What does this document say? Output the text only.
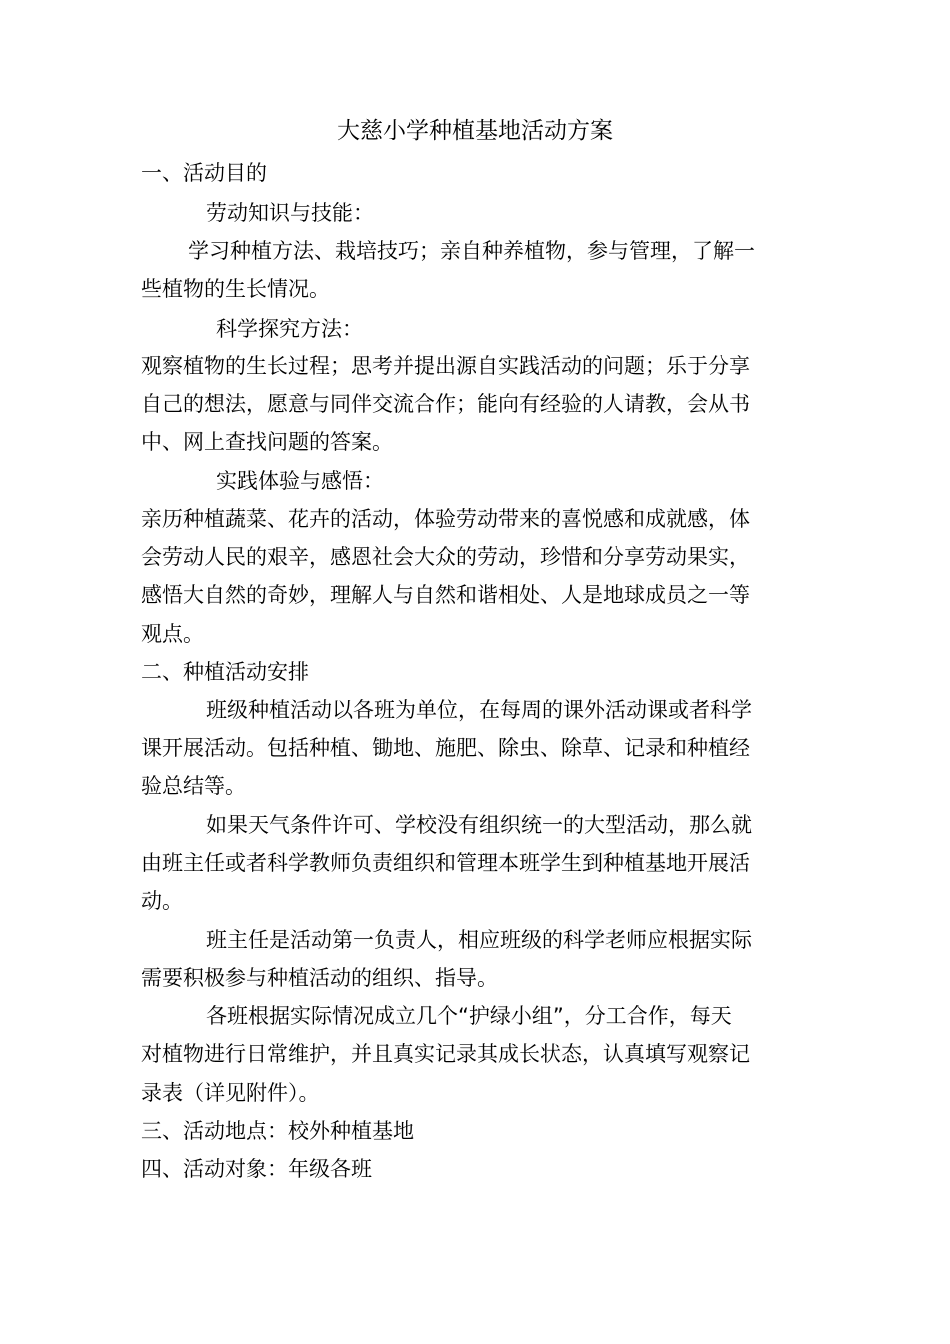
大慈小学种植基地活动方案
一、活动目的
劳动知识与技能：
学习种植方法、栽培技巧；亲自种养植物，参与管理，了解一
些植物的生长情况。
科学探究方法：
观察植物的生长过程；思考并提出源自实践活动的问题；乐于分享
自己的想法，愿意与同伴交流合作；能向有经验的人请教，会从书
中、网上查找问题的答案。
实践体验与感悟：
亲历种植蔬菜、花卉的活动，体验劳动带来的喜悦感和成就感，体
会劳动人民的艰辛，感恩社会大众的劳动，珍惜和分享劳动果实，
感悟大自然的奇妙，理解人与自然和谐相处、人是地球成员之一等
观点。
二、种植活动安排
班级种植活动以各班为单位，在每周的课外活动课或者科学
课开展活动。包括种植、锄地、施肥、除虫、除草、记录和种植经
验总结等。
如果天气条件许可、学校没有组织统一的大型活动，那么就
由班主任或者科学教师负责组织和管理本班学生到种植基地开展活
动。
班主任是活动第一负责人，相应班级的科学老师应根据实际
需要积极参与种植活动的组织、指导。
各班根据实际情况成立几个“护绿小组”，分工合作，每天
对植物进行日常维护，并且真实记录其成长状态，认真填写观察记
录表（详见附件）。
三、活动地点：校外种植基地
四、活动对象：年级各班
